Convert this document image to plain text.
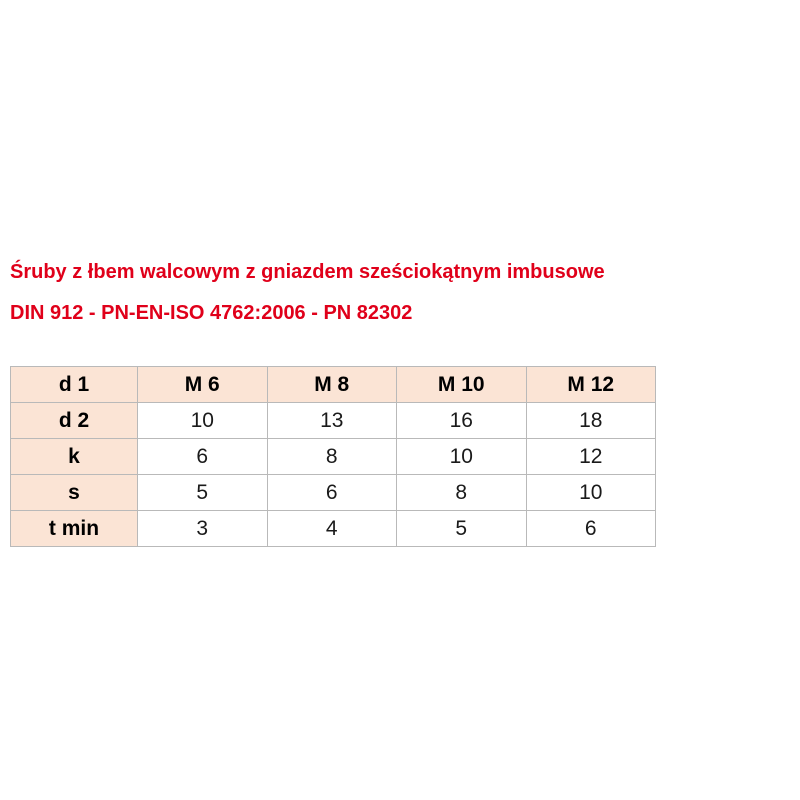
Śruby z łbem walcowym z gniazdem sześciokątnym imbusowe
DIN 912 - PN-EN-ISO 4762:2006 - PN 82302
d 1	M 6	M 8	M 10	M 12
d 2	10	13	16	18
k	6	8	10	12
s	5	6	8	10
t min	3	4	5	6
